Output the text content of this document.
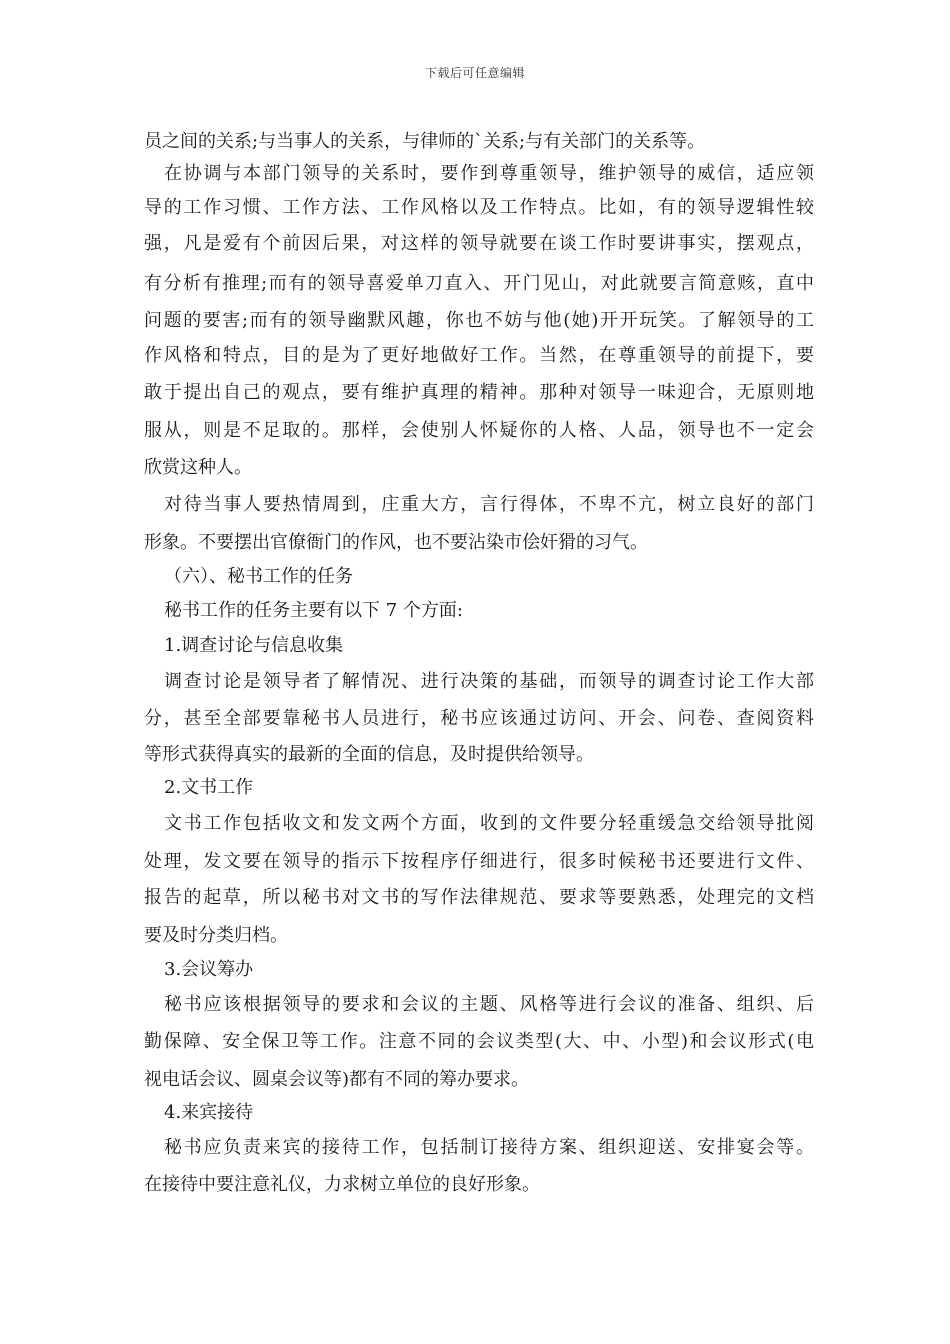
下载后可任意编辑
员之间的关系;与当事人的关系，与律师的`关系;与有关部门的关系等。
在协调与本部门领导的关系时，要作到尊重领导，维护领导的威信，适应领
导的工作习惯、工作方法、工作风格以及工作特点。比如，有的领导逻辑性较
强，凡是爱有个前因后果，对这样的领导就要在谈工作时要讲事实，摆观点，
有分析有推理;而有的领导喜爱单刀直入、开门见山，对此就要言简意赅，直中
问题的要害;而有的领导幽默风趣，你也不妨与他(她)开开玩笑。了解领导的工
作风格和特点，目的是为了更好地做好工作。当然，在尊重领导的前提下，要
敢于提出自己的观点，要有维护真理的精神。那种对领导一味迎合，无原则地
服从，则是不足取的。那样，会使别人怀疑你的人格、人品，领导也不一定会
欣赏这种人。
对待当事人要热情周到，庄重大方，言行得体，不卑不亢，树立良好的部门
形象。不要摆出官僚衙门的作风，也不要沾染市侩奸猾的习气。
（六）、秘书工作的任务
秘书工作的任务主要有以下 7 个方面:
1.调查讨论与信息收集
调查讨论是领导者了解情况、进行决策的基础，而领导的调查讨论工作大部
分，甚至全部要靠秘书人员进行，秘书应该通过访问、开会、问卷、查阅资料
等形式获得真实的最新的全面的信息，及时提供给领导。
2.文书工作
文书工作包括收文和发文两个方面，收到的文件要分轻重缓急交给领导批阅
处理，发文要在领导的指示下按程序仔细进行，很多时候秘书还要进行文件、
报告的起草，所以秘书对文书的写作法律规范、要求等要熟悉，处理完的文档
要及时分类归档。
3.会议筹办
秘书应该根据领导的要求和会议的主题、风格等进行会议的准备、组织、后
勤保障、安全保卫等工作。注意不同的会议类型(大、中、小型)和会议形式(电
视电话会议、圆桌会议等)都有不同的筹办要求。
4.来宾接待
秘书应负责来宾的接待工作，包括制订接待方案、组织迎送、安排宴会等。
在接待中要注意礼仪，力求树立单位的良好形象。
